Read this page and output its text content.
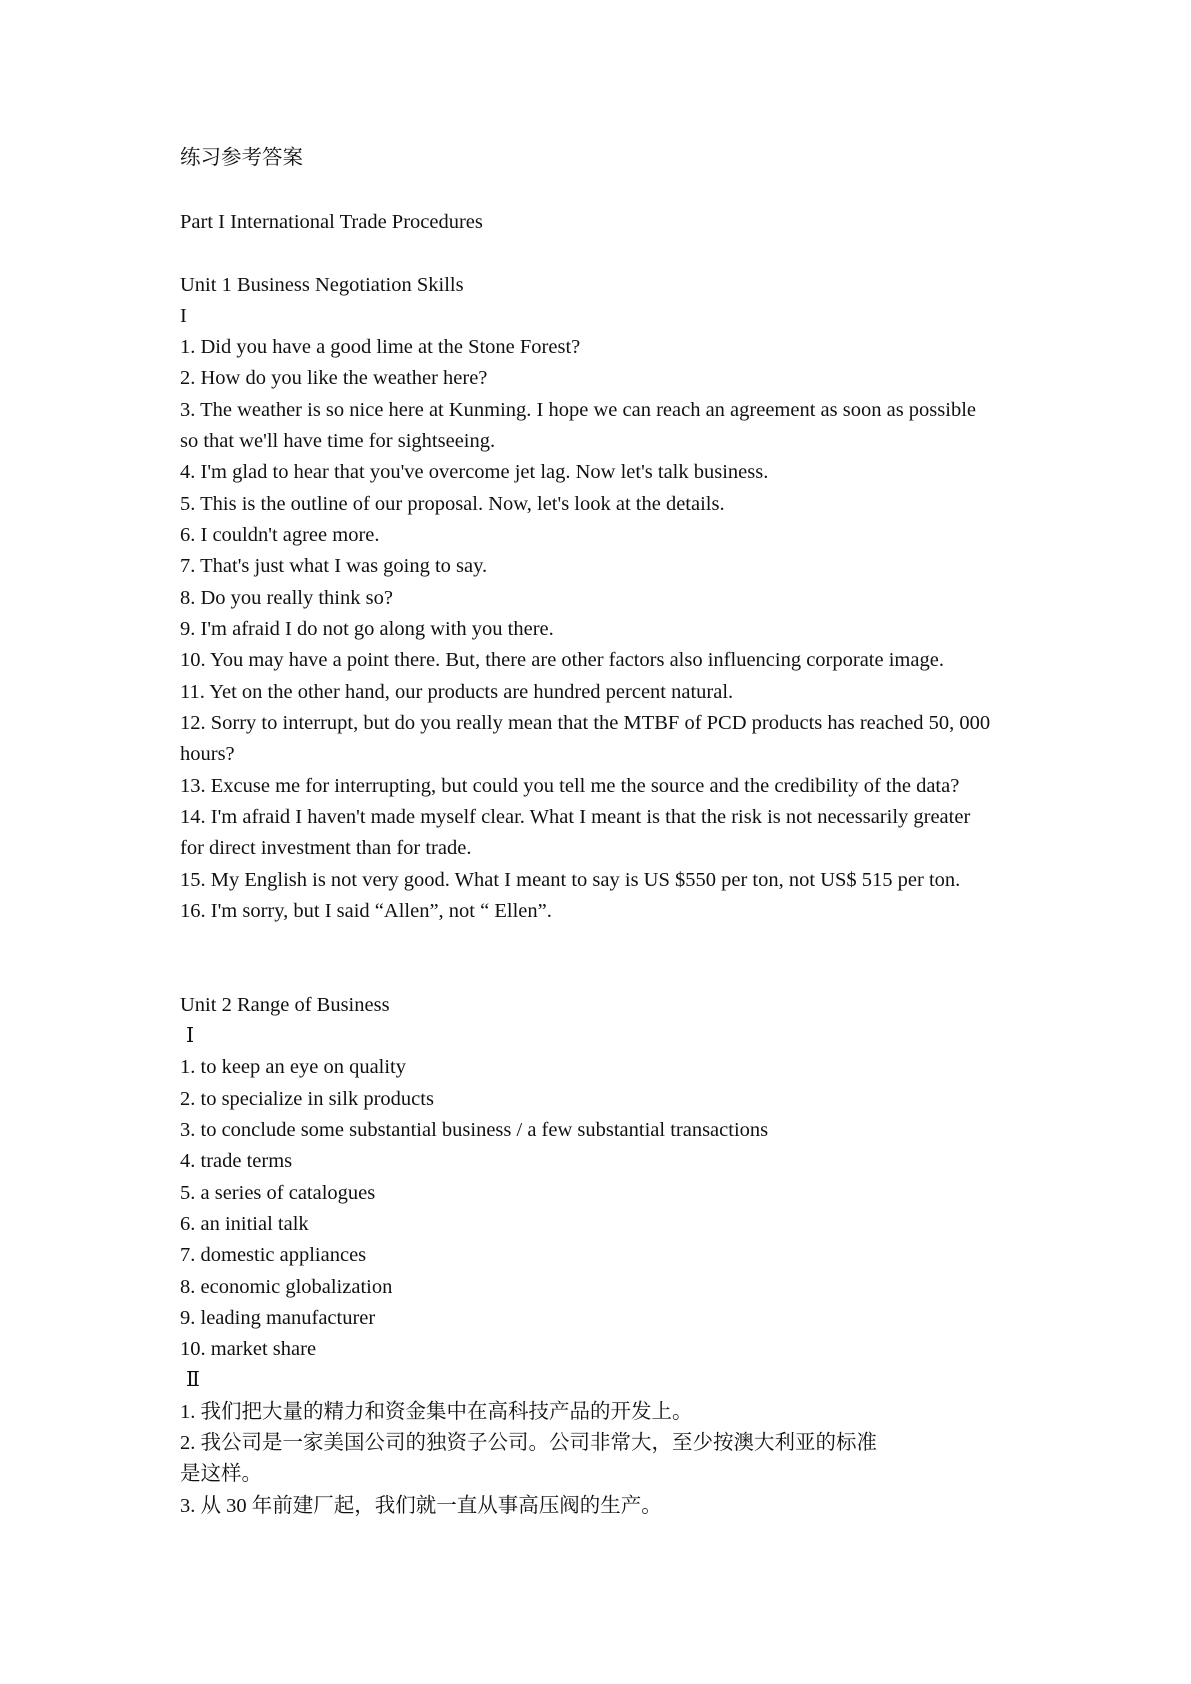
练习参考答案
Part I International Trade Procedures
Unit 1 Business Negotiation Skills
I
1. Did you have a good lime at the Stone Forest?
2. How do you like the weather here?
3. The weather is so nice here at Kunming. I hope we can reach an agreement as soon as possible
so that we'll have time for sightseeing.
4. I'm glad to hear that you've overcome jet lag. Now let's talk business.
5. This is the outline of our proposal. Now, let's look at the details.
6. I couldn't agree more.
7. That's just what I was going to say.
8. Do you really think so?
9. I'm afraid I do not go along with you there.
10. You may have a point there. But, there are other factors also influencing corporate image.
11. Yet on the other hand, our products are hundred percent natural.
12. Sorry to interrupt, but do you really mean that the MTBF of PCD products has reached 50, 000
hours?
13. Excuse me for interrupting, but could you tell me the source and the credibility of the data?
14. I'm afraid I haven't made myself clear. What I meant is that the risk is not necessarily greater
for direct investment than for trade.
15. My English is not very good. What I meant to say is US $550 per ton, not US$ 515 per ton.
16. I'm sorry, but I said “Allen”, not “ Ellen”.
Unit 2 Range of Business
Ⅰ
1. to keep an eye on quality
2. to specialize in silk products
3. to conclude some substantial business / a few substantial transactions
4. trade terms
5. a series of catalogues
6. an initial talk
7. domestic appliances
8. economic globalization
9. leading manufacturer
10. market share
Ⅱ
1. 我们把大量的精力和资金集中在高科技产品的开发上。
2. 我公司是一家美国公司的独资子公司。公司非常大，至少按澳大利亚的标准
是这样。
3. 从 30 年前建厂起，我们就一直从事高压阀的生产。
